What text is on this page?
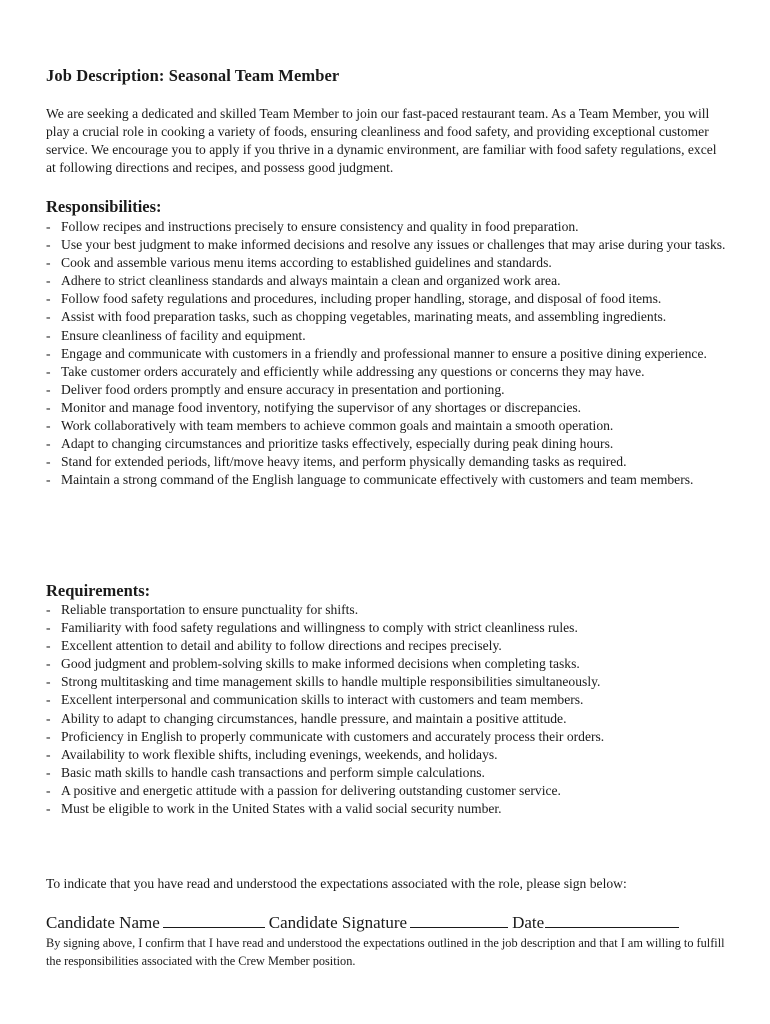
Job Description: Seasonal Team Member
We are seeking a dedicated and skilled Team Member to join our fast-paced restaurant team. As a Team Member, you will play a crucial role in cooking a variety of foods, ensuring cleanliness and food safety, and providing exceptional customer service. We encourage you to apply if you thrive in a dynamic environment, are familiar with food safety regulations, excel at following directions and recipes, and possess good judgment.
Responsibilities:
- Follow recipes and instructions precisely to ensure consistency and quality in food preparation.
- Use your best judgment to make informed decisions and resolve any issues or challenges that may arise during your tasks.
- Cook and assemble various menu items according to established guidelines and standards.
- Adhere to strict cleanliness standards and always maintain a clean and organized work area.
- Follow food safety regulations and procedures, including proper handling, storage, and disposal of food items.
- Assist with food preparation tasks, such as chopping vegetables, marinating meats, and assembling ingredients.
- Ensure cleanliness of facility and equipment.
- Engage and communicate with customers in a friendly and professional manner to ensure a positive dining experience.
- Take customer orders accurately and efficiently while addressing any questions or concerns they may have.
- Deliver food orders promptly and ensure accuracy in presentation and portioning.
- Monitor and manage food inventory, notifying the supervisor of any shortages or discrepancies.
- Work collaboratively with team members to achieve common goals and maintain a smooth operation.
- Adapt to changing circumstances and prioritize tasks effectively, especially during peak dining hours.
- Stand for extended periods, lift/move heavy items, and perform physically demanding tasks as required.
- Maintain a strong command of the English language to communicate effectively with customers and team members.
Requirements:
- Reliable transportation to ensure punctuality for shifts.
- Familiarity with food safety regulations and willingness to comply with strict cleanliness rules.
- Excellent attention to detail and ability to follow directions and recipes precisely.
- Good judgment and problem-solving skills to make informed decisions when completing tasks.
- Strong multitasking and time management skills to handle multiple responsibilities simultaneously.
- Excellent interpersonal and communication skills to interact with customers and team members.
- Ability to adapt to changing circumstances, handle pressure, and maintain a positive attitude.
- Proficiency in English to properly communicate with customers and accurately process their orders.
- Availability to work flexible shifts, including evenings, weekends, and holidays.
- Basic math skills to handle cash transactions and perform simple calculations.
- A positive and energetic attitude with a passion for delivering outstanding customer service.
- Must be eligible to work in the United States with a valid social security number.
To indicate that you have read and understood the expectations associated with the role, please sign below:
Candidate Name	Candidate Signature	Date
By signing above, I confirm that I have read and understood the expectations outlined in the job description and that I am willing to fulfill the responsibilities associated with the Crew Member position.
